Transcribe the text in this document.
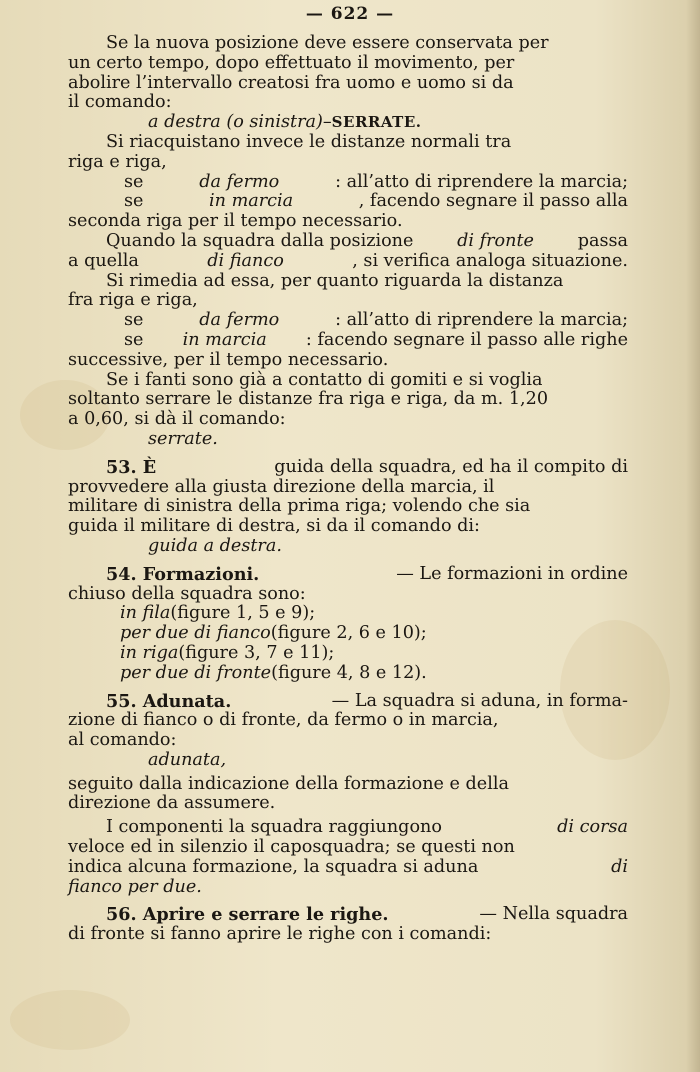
— 622 —
Se la nuova posizione deve essere conservata per
un certo tempo, dopo effettuato il movimento, per
abolire l’intervallo creatosi fra uomo e uomo si da
il comando:
a destra (o sinistra) – SERRATE.
Si riacquistano invece le distanze normali tra
riga e riga,
se	da fermo	: all’atto di riprendere la marcia;
se	in marcia	, facendo segnare il passo alla
seconda riga per il tempo necessario.
Quando la squadra dalla posizione di fronte passa
a quella	di fianco	, si verifica analoga situazione.
Si rimedia ad essa, per quanto riguarda la distanza
fra riga e riga,
se	da fermo	: all’atto di riprendere la marcia;
se in marcia : facendo segnare il passo alle righe
successive, per il tempo necessario.
Se i fanti sono già a contatto di gomiti e si voglia
soltanto serrare le distanze fra riga e riga, da m. 1,20
a 0,60, si dà il comando:
serrate.
53. È	guida della squadra, ed ha il compito di
provvedere alla giusta direzione della marcia, il
militare di sinistra della prima riga; volendo che sia
guida il militare di destra, si da il comando di:
guida a destra.
54. Formazioni.	— Le formazioni in ordine
chiuso della squadra sono:
in fila (figure 1, 5 e 9);
per due di fianco (figure 2, 6 e 10);
in riga (figure 3, 7 e 11);
per due di fronte (figure 4, 8 e 12).
55. Adunata.	— La squadra si aduna, in forma-
zione di fianco o di fronte, da fermo o in marcia,
al comando:
adunata,
seguito dalla indicazione della formazione e della
direzione da assumere.
I componenti la squadra raggiungono	di corsa
veloce ed in silenzio il caposquadra; se questi non
indica alcuna formazione, la squadra si aduna	di
fianco per due.
56. Aprire e serrare le righe.	— Nella squadra
di fronte si fanno aprire le righe con i comandi:
